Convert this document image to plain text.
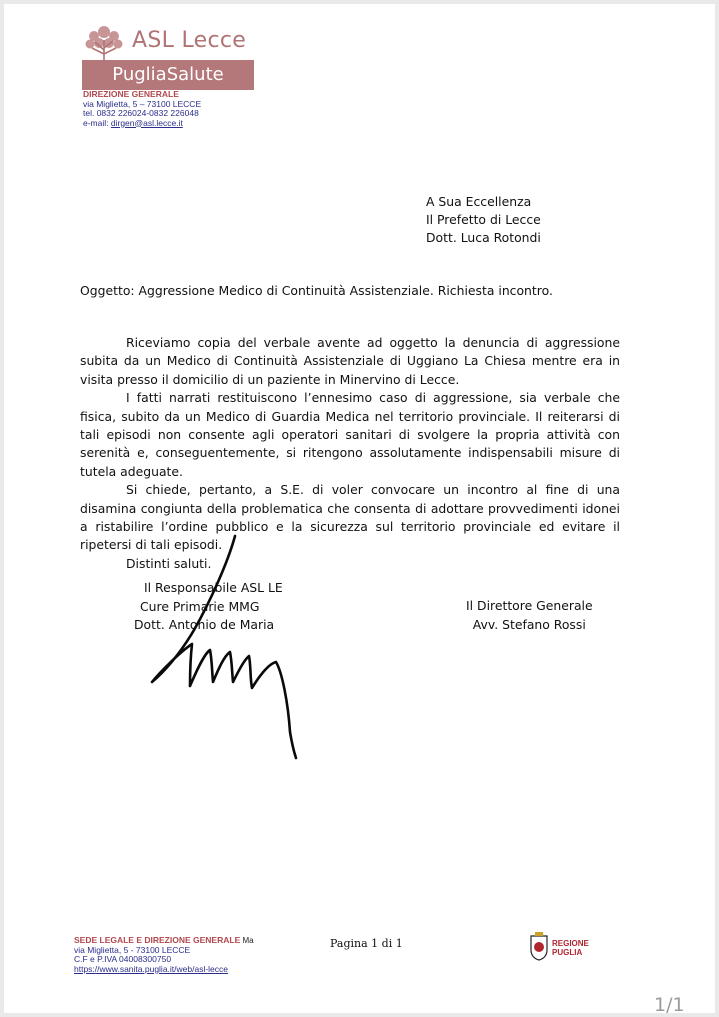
ASL Lecce
PugliaSalute
DIREZIONE GENERALE
via Miglietta, 5 – 73100 LECCE
tel. 0832 226024-0832 226048
e-mail: dirgen@asl.lecce.it
A Sua Eccellenza
Il Prefetto di Lecce
Dott. Luca Rotondi
Oggetto: Aggressione Medico di Continuità Assistenziale. Richiesta incontro.

Riceviamo copia del verbale avente ad oggetto la denuncia di aggressione subita da un Medico di Continuità Assistenziale di Uggiano La Chiesa mentre era in visita presso il domicilio di un paziente in Minervino di Lecce.

I fatti narrati restituiscono l’ennesimo caso di aggressione, sia verbale che fisica, subito da un Medico di Guardia Medica nel territorio provinciale. Il reiterarsi di tali episodi non consente agli operatori sanitari di svolgere la propria attività con serenità e, conseguentemente, si ritengono assolutamente indispensabili misure di tutela adeguate.

Si chiede, pertanto, a S.E. di voler convocare un incontro al fine di una disamina congiunta della problematica che consenta di adottare provvedimenti idonei a ristabilire l’ordine pubblico e la sicurezza sul territorio provinciale ed evitare il ripetersi di tali episodi.

Distinti saluti.

Il Responsabile ASL LE
Cure Primarie MMG
Dott. Antonio de Maria
Il Direttore Generale
Avv. Stefano Rossi
SEDE LEGALE E DIREZIONE GENERALE Ma
via Miglietta, 5 - 73100 LECCE
C.F e P.IVA 04008300750
https://www.sanita.puglia.it/web/asl-lecce
Pagina 1 di 1	REGIONE
PUGLIA
1/1
